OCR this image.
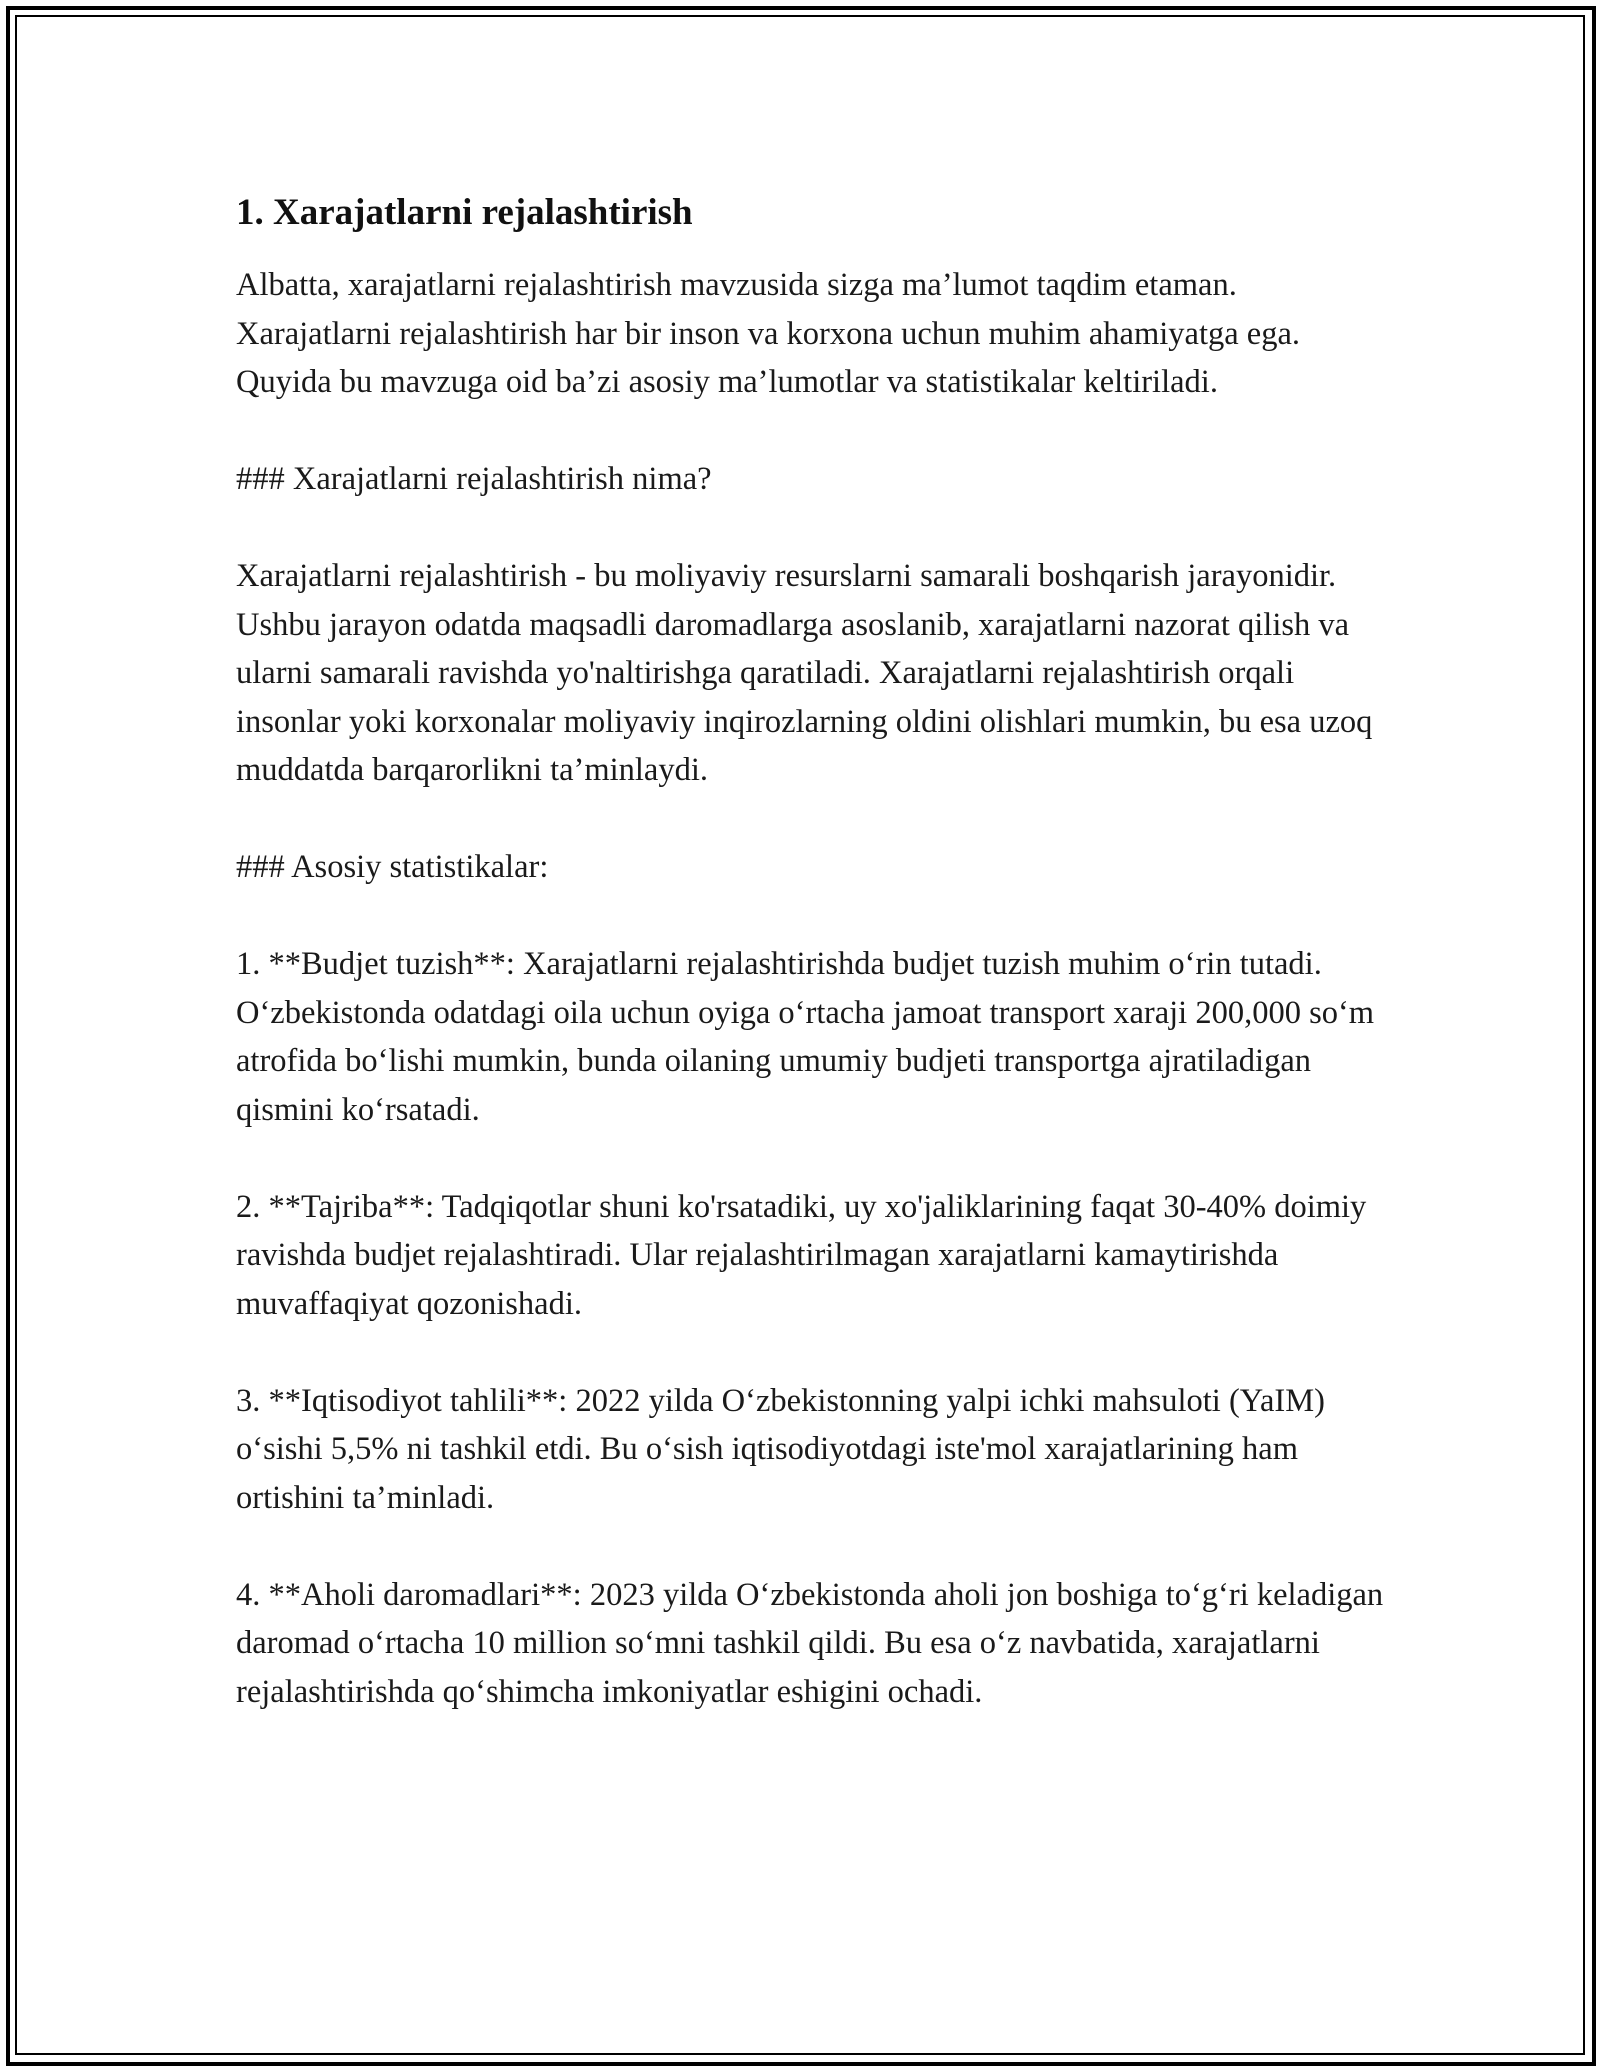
1. Xarajatlarni rejalashtirish

Albatta, xarajatlarni rejalashtirish mavzusida sizga ma’lumot taqdim etaman. Xarajatlarni rejalashtirish har bir inson va korxona uchun muhim ahamiyatga ega. Quyida bu mavzuga oid ba’zi asosiy ma’lumotlar va statistikalar keltiriladi.

### Xarajatlarni rejalashtirish nima?

Xarajatlarni rejalashtirish - bu moliyaviy resurslarni samarali boshqarish jarayonidir. Ushbu jarayon odatda maqsadli daromadlarga asoslanib, xarajatlarni nazorat qilish va ularni samarali ravishda yo'naltirishga qaratiladi. Xarajatlarni rejalashtirish orqali insonlar yoki korxonalar moliyaviy inqirozlarning oldini olishlari mumkin, bu esa uzoq muddatda barqarorlikni ta’minlaydi.

### Asosiy statistikalar:

1. **Budjet tuzish**: Xarajatlarni rejalashtirishda budjet tuzish muhim oʻrin tutadi. Oʻzbekistonda odatdagi oila uchun oyiga oʻrtacha jamoat transport xaraji 200,000 soʻm atrofida boʻlishi mumkin, bunda oilaning umumiy budjeti transportga ajratiladigan qismini koʻrsatadi.

2. **Tajriba**: Tadqiqotlar shuni ko'rsatadiki, uy xo'jaliklarining faqat 30-40% doimiy ravishda budjet rejalashtiradi. Ular rejalashtirilmagan xarajatlarni kamaytirishda muvaffaqiyat qozonishadi.

3. **Iqtisodiyot tahlili**: 2022 yilda Oʻzbekistonning yalpi ichki mahsuloti (YaIM) oʻsishi 5,5% ni tashkil etdi. Bu oʻsish iqtisodiyotdagi iste'mol xarajatlarining ham ortishini ta’minladi.

4. **Aholi daromadlari**: 2023 yilda Oʻzbekistonda aholi jon boshiga toʻgʻri keladigan daromad oʻrtacha 10 million soʻmni tashkil qildi. Bu esa oʻz navbatida, xarajatlarni rejalashtirishda qoʻshimcha imkoniyatlar eshigini ochadi.
